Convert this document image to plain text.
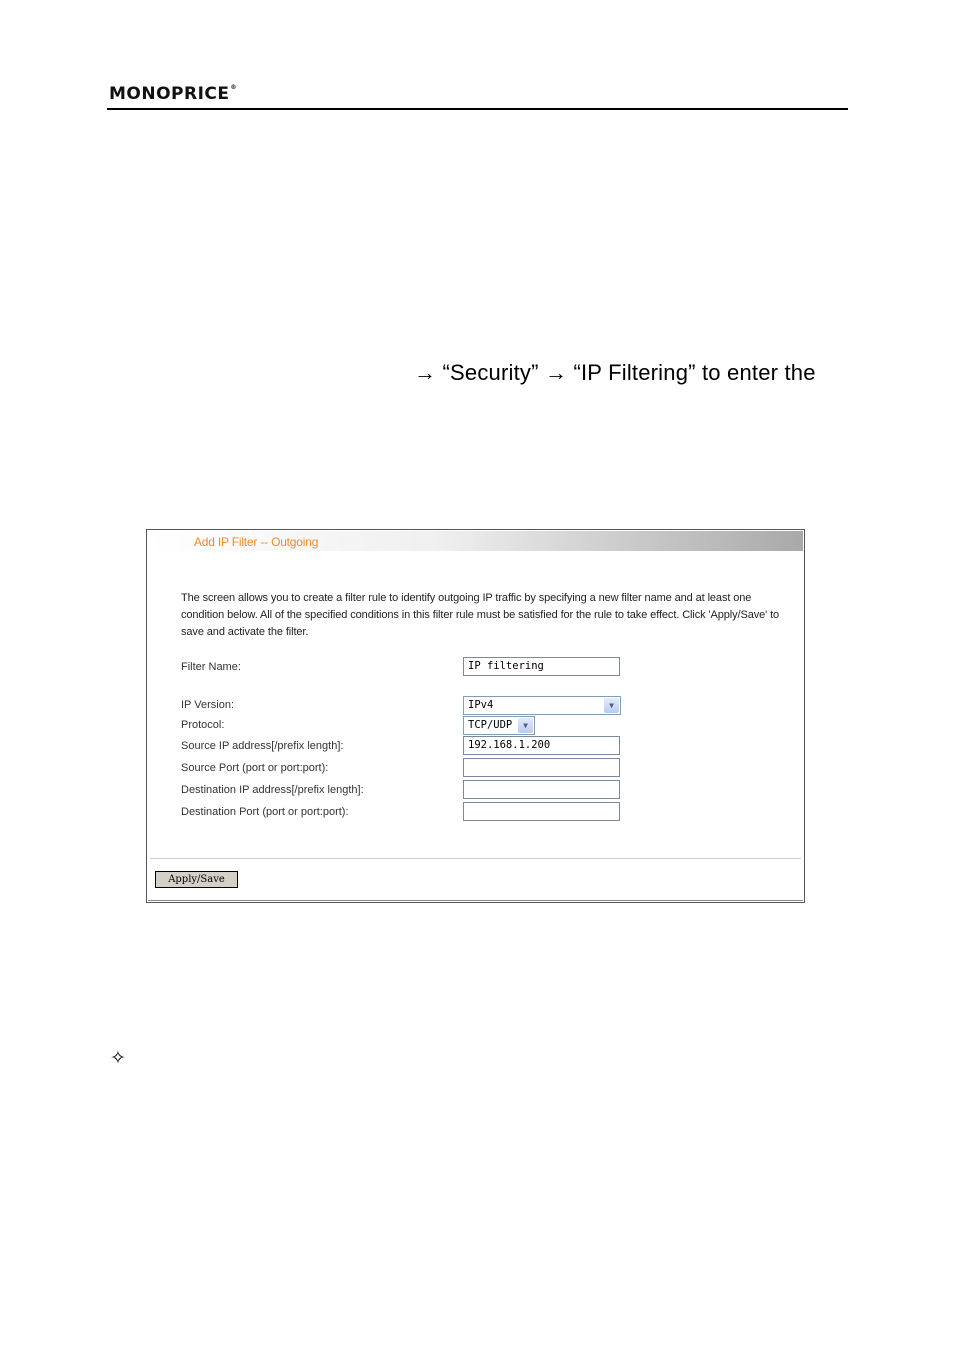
MONOPRICE®
→ “Security” → “IP Filtering” to enter the
Add IP Filter -- Outgoing
The screen allows you to create a filter rule to identify outgoing IP traffic by specifying a new filter name and at least one condition below. All of the specified conditions in this filter rule must be satisfied for the rule to take effect. Click 'Apply/Save' to save and activate the filter.
Filter Name:	IP filtering
IP Version:	IPv4	▼
Protocol:	TCP/UDP	▼
Source IP address[/prefix length]:	192.168.1.200
Source Port (port or port:port):
Destination IP address[/prefix length]:
Destination Port (port or port:port):
Apply/Save
✧
